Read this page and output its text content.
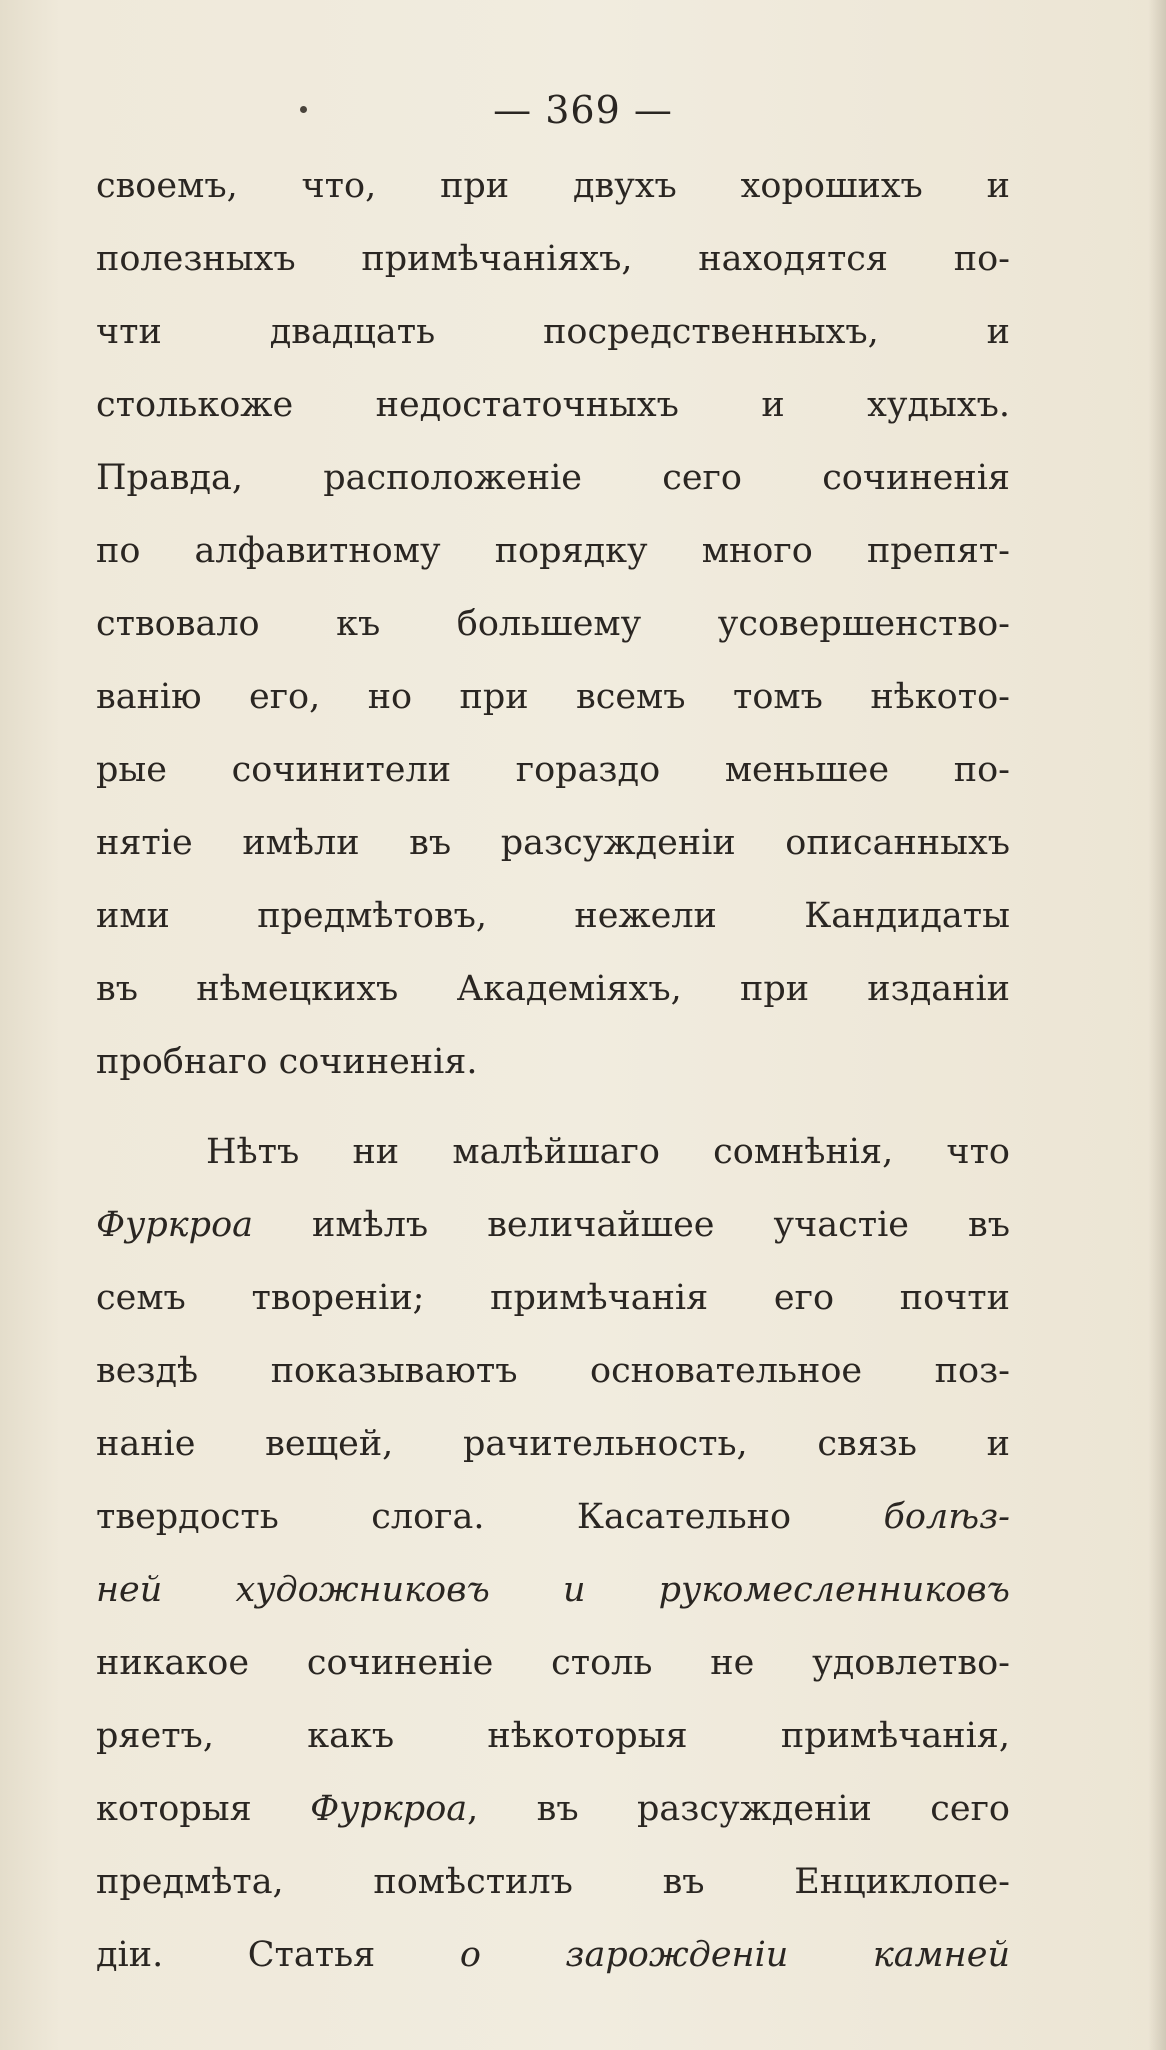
— 369 —
своемъ, что, при двухъ хорошихъ и
полезныхъ примѣчаніяхъ, находятся по-
чти двадцать посредственныхъ, и
столькоже недостаточныхъ и худыхъ.
Правда, расположеніе сего сочиненія
по алфавитному порядку много препят-
ствовало къ большему усовершенство-
ванію его, но при всемъ томъ нѣкото-
рые сочинители гораздо меньшее по-
нятіе имѣли въ разсужденіи описанныхъ
ими предмѣтовъ, нежели Кандидаты
въ нѣмецкихъ Академіяхъ, при изданіи
пробнаго сочиненія.
Нѣтъ ни малѣйшаго сомнѣнія, что
Фуркроа имѣлъ величайшее участіе въ
семъ твореніи; примѣчанія его почти
вездѣ показываютъ основательное поз-
наніе вещей, рачительность, связь и
твердость слога. Касательно болѣз-
ней художниковъ и рукомесленниковъ
никакое сочиненіе столь не удовлетво-
ряетъ, какъ нѣкоторыя примѣчанія,
которыя Фуркроа, въ разсужденіи сего
предмѣта, помѣстилъ въ Енциклопе-
діи. Статья о зарожденіи камней
